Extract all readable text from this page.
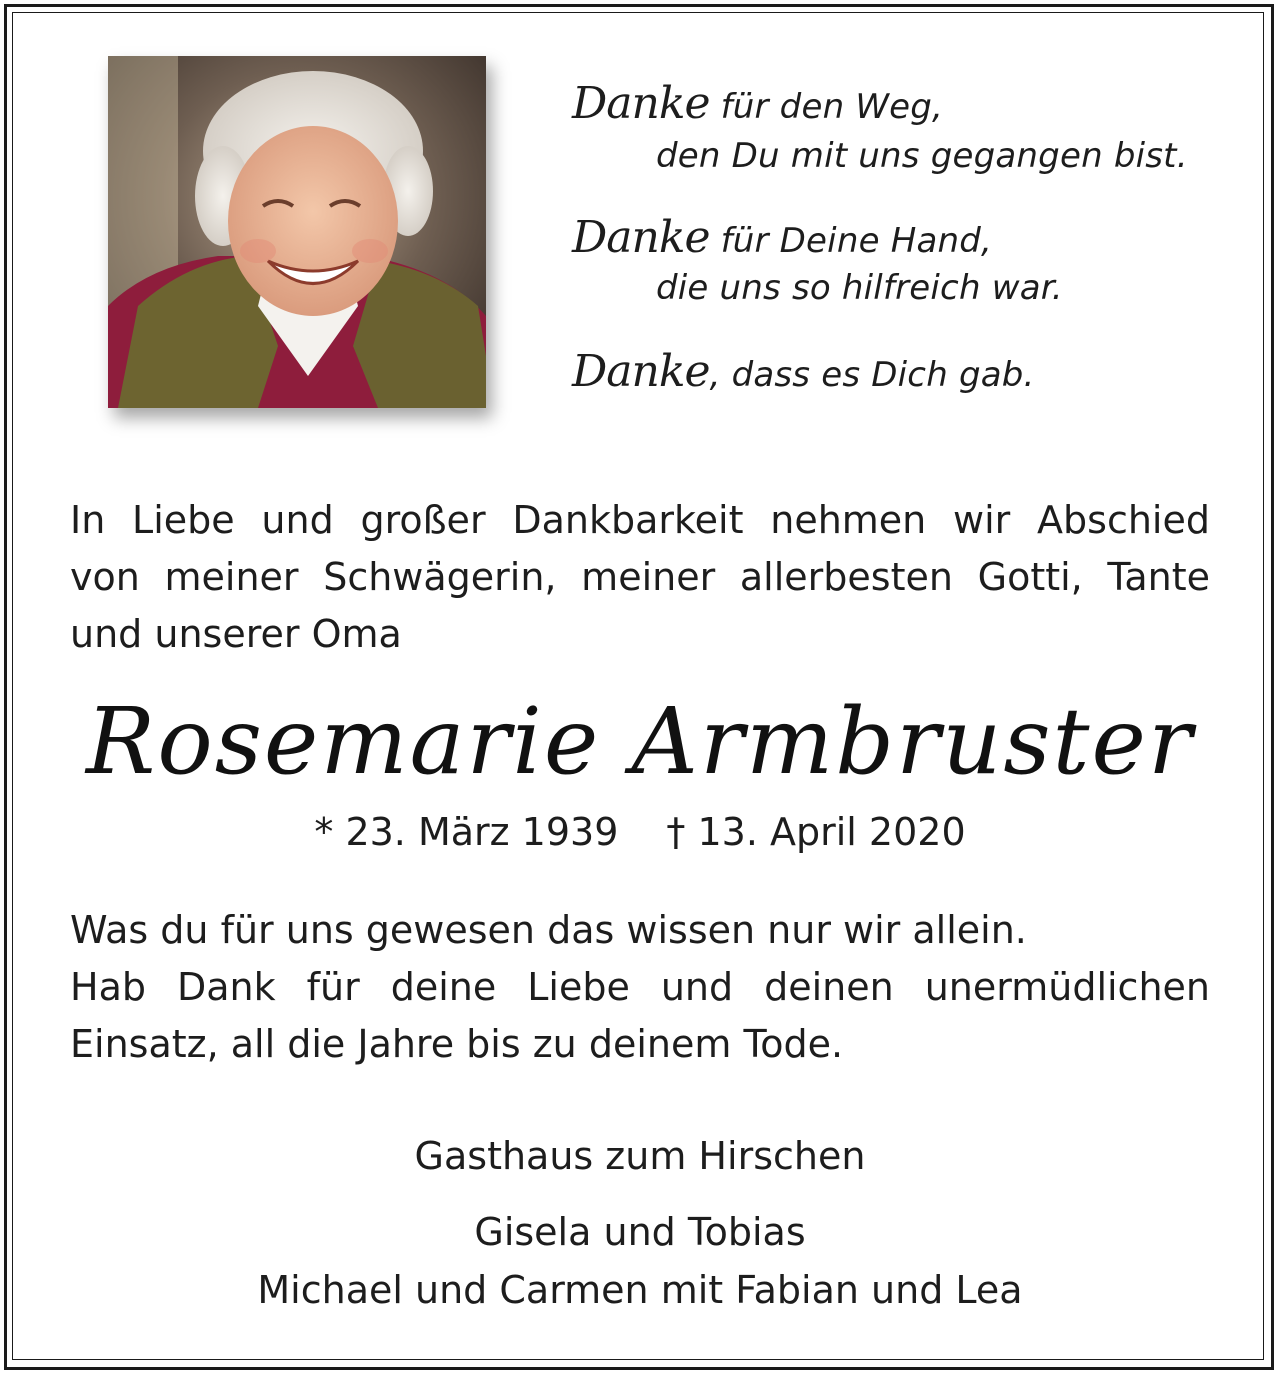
Danke für den Weg,
den Du mit uns gegangen bist.
Danke für Deine Hand,
die uns so hilfreich war.
Danke, dass es Dich gab.
In Liebe und großer Dankbarkeit nehmen wir Abschied
von meiner Schwägerin, meiner allerbesten Gotti, Tante
und unserer Oma
Rosemarie Armbruster
* 23. März 1939 † 13. April 2020
Was du für uns gewesen das wissen nur wir allein.
Hab Dank für deine Liebe und deinen unermüdlichen
Einsatz, all die Jahre bis zu deinem Tode.
Gasthaus zum Hirschen
Gisela und Tobias
Michael und Carmen mit Fabian und Lea
